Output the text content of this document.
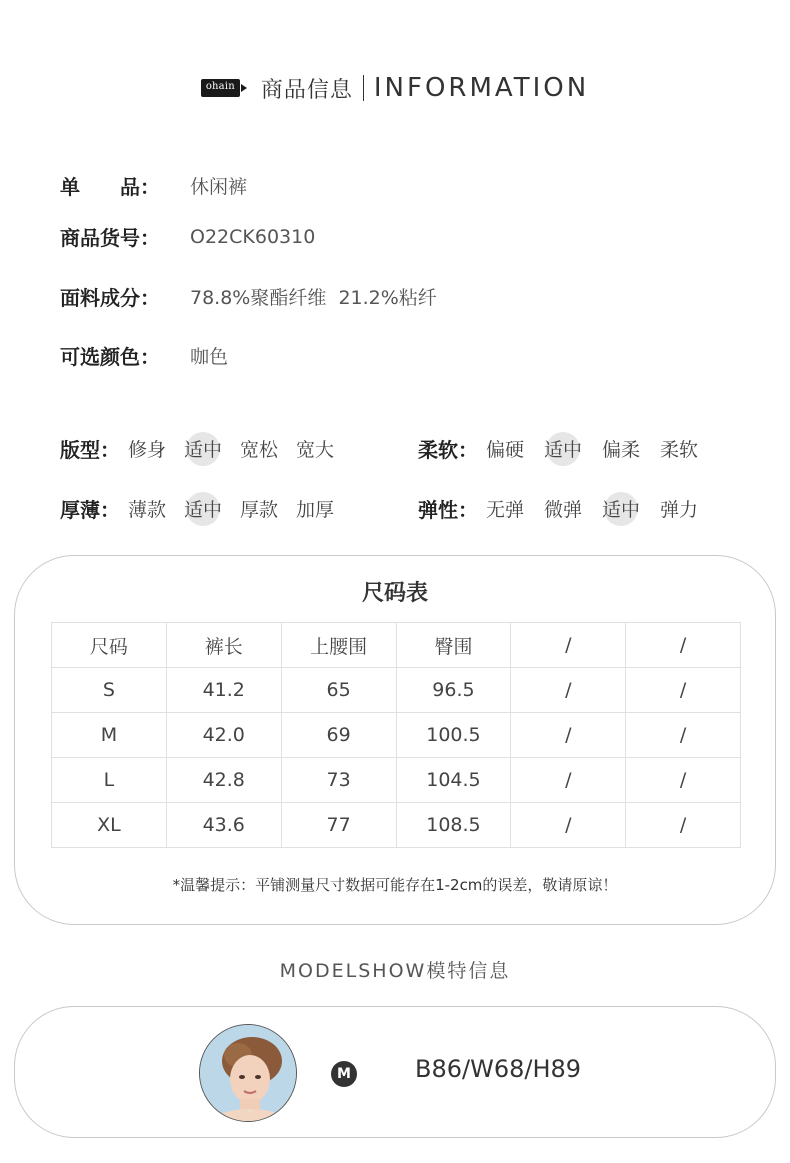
ohain 商品信息 INFORMATION
单　　品：	休闲裤
商品货号：	O22CK60310
面料成分：	78.8%聚酯纤维  21.2%粘纤
可选颜色：	咖色
版型： 修身 适中 宽松 宽大	柔软： 偏硬 适中 偏柔 柔软
厚薄： 薄款 适中 厚款 加厚	弹性： 无弹 微弹 适中 弹力
尺码表
尺码	裤长	上腰围	臀围	/	/
S	41.2	65	96.5	/	/
M	42.0	69	100.5	/	/
L	42.8	73	104.5	/	/
XL	43.6	77	108.5	/	/
*温馨提示：平铺测量尺寸数据可能存在1-2cm的误差，敬请原谅！
MODELSHOW模特信息
M	B86/W68/H89
